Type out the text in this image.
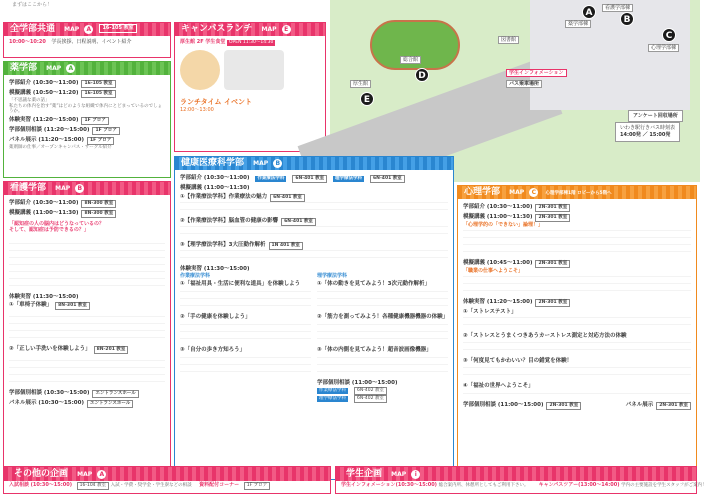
まずはここから！
全学部共通 MAP A 16-105 教室
10:00〜10:20 学長挨拶、日程説明、イベント紹介
薬学部 MAP A
学部紹介 (10:30〜11:00) 16-105 教室
模擬講義 (10:50〜11:20) 16-105 教室
「不思議な薬の話」
私たちの体内を治す”薬”はどのような組織で体内にとどまっているのでしょうか。
体験実習 (11:20〜15:00) 1F ブロア
学部個別相談 (11:20〜15:00) 1F ブロア
パネル展示 (11:20〜15:00) 1F ブロア
薬剤師の仕事／オープンキャンパス・サークル紹介
キャンパスランチ MAP E
厚生館 2F 学生食堂 OPEN 11:30〜14:30
ランチタイム イベント
12:00〜13:00
A
B
C
D
E
薬学部棟
看護学部棟
心理学部棟
総合館
厚生館
図書館
学生インフォメーション
バス乗車場所
アンケート回収場所
いわき駅行きバス時刻表
14:00発 ／ 15:00発
看護学部 MAP B
学部紹介 (10:30〜11:00) 8N-300 教室
模擬講義 (11:00〜11:30) 8N-300 教室
「認知症の人の脳内はどうなっているの？
そして、認知症は予防できるの？」
体験実習 (11:30〜15:00)
①「車椅子体験」 8N-301 教室
②「正しい手洗いを体験しよう」 8N-201 教室
学部個別相談 (10:30〜15:00) エントランスホール
パネル展示 (10:30〜15:00) エントランスホール
健康医療科学部 MAP B
学部紹介 (10:30〜11:00) 作業療法学科 6N-401 教室 理学療法学科 6N-401 教室
模擬講義 (11:00〜11:30)
①【作業療法学科】作業療法の魅力 6N-401 教室
②【作業療法学科】脳血管の健康の影響 6N-401 教室
③【理学療法学科】3大圧動作解析 1N 401 教室
体験実習 (11:30〜15:00)
作業療法学科
①「福祉用具・生活に便利な道具」を体験しよう
②「手の健康を体験しよう」
③「自分の歩き方知ろう」
理学療法学科
①「体の動きを見てみよう！3次元動作解析」
②「筋力を測ってみよう！各種健康機器機器の体験」
③「体の内側を見てみよう！超音波画像機器」
学部個別相談 (11:00〜15:00)
作業療法学科 6N-402 教室
理学療法学科 6N-402 教室
心理学部 MAP C 心理学部棟1階 ロビーから5階へ
学部紹介 (10:30〜11:00) 2N-301 教室
模擬講義 (11:00〜11:30) 2N-301 教室
「心理学的の「できない」論理！」
模擬講義 (10:45〜11:00) 2N-301 教室
「職業の仕事へようこそ」
体験実習 (11:20〜15:00) 2N-301 教室
①「ストレステスト」
②「ストレスとうまくつきあうカーストレス測定と対応方法の体験
③「何度見てもかわいい？目の錯覚を体験！
④「福祉の世界へようこそ」
学部個別相談 (11:00〜15:00) 2N-301 教室	パネル展示 2N-301 教室
その他の企画 MAP A
入試相談 (10:30〜15:00) 16-104 教室 入試・学費・奨学金・学生寮などの相談 資料配付コーナー 1F ブロア
学生企画 MAP i
学生インフォメーション(10:30〜15:00) 総合案内所、休憩所としてもご利用下さい。 キャンパスツアー(13:00〜14:00) 学内の主要施設を学生スタッフがご案内！
